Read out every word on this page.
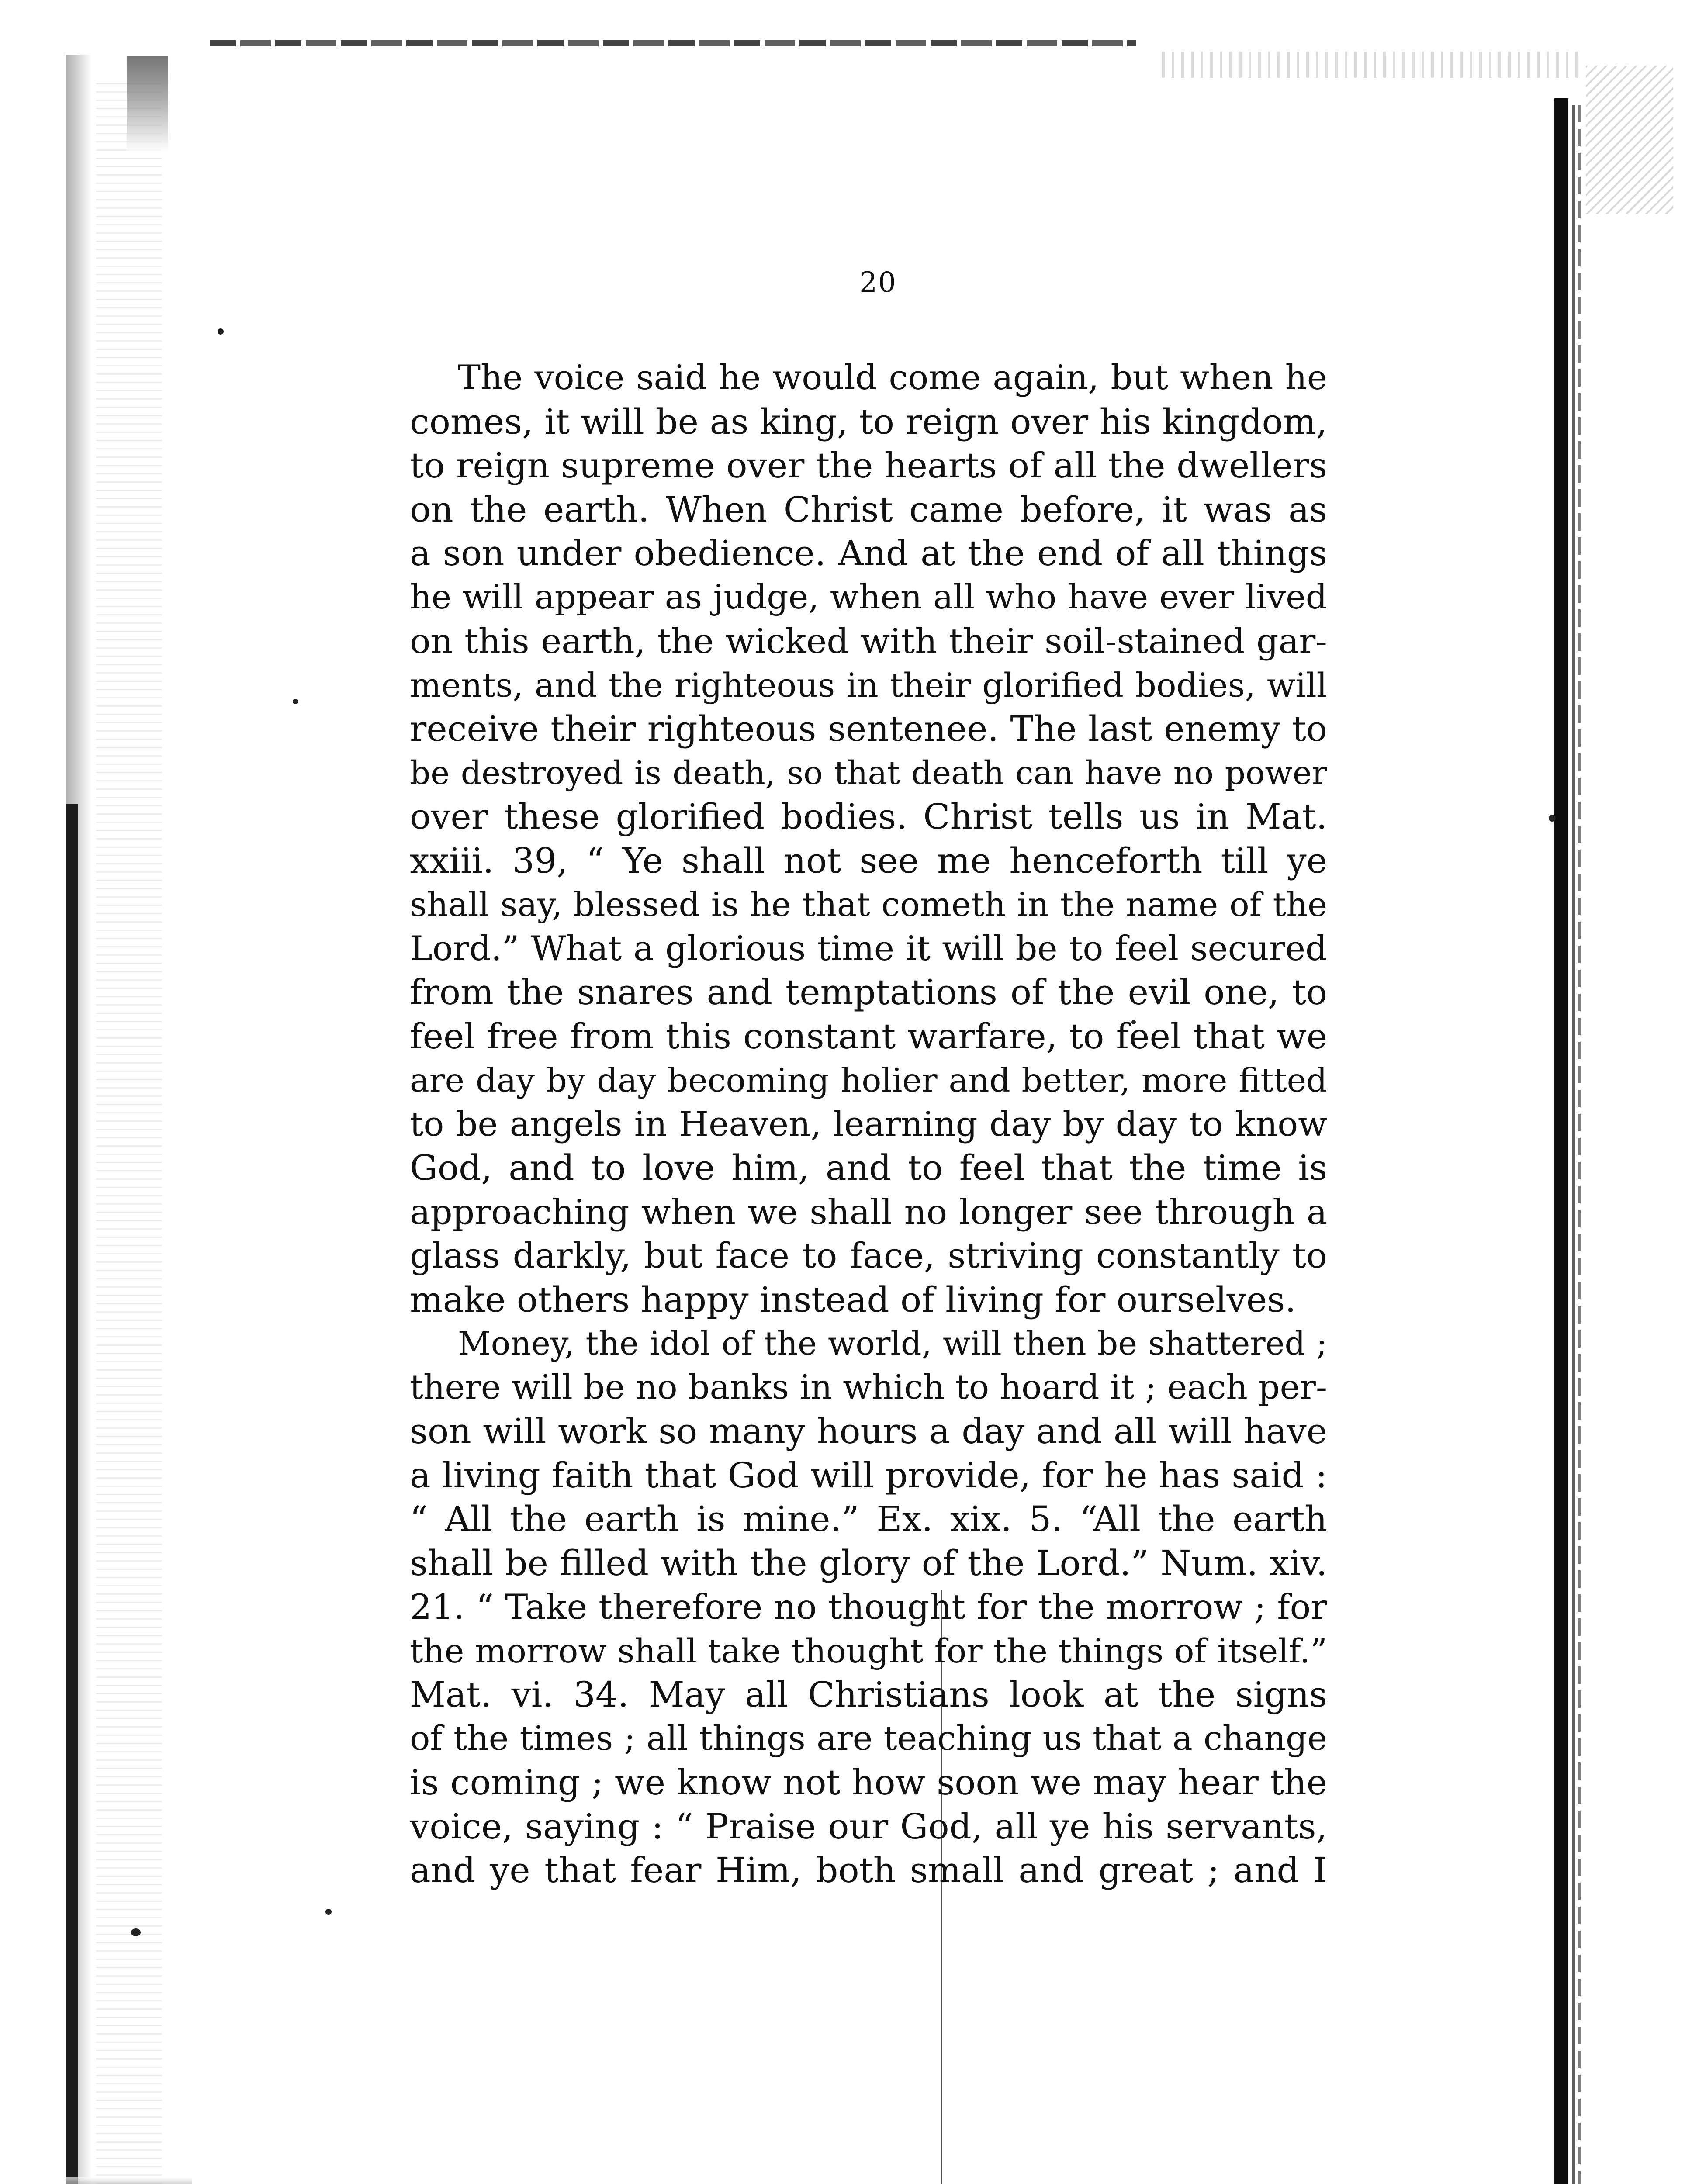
20
The voice said he would come again, but when he
comes, it will be as king, to reign over his kingdom,
to reign supreme over the hearts of all the dwellers
on the earth. When Christ came before, it was as
a son under obedience. And at the end of all things
he will appear as judge, when all who have ever lived
on this earth, the wicked with their soil-stained gar-
ments, and the righteous in their glorified bodies, will
receive their righteous sentenee. The last enemy to
be destroyed is death, so that death can have no power
over these glorified bodies. Christ tells us in Mat.
xxiii. 39, “ Ye shall not see me henceforth till ye
shall say, blessed is he that cometh in the name of the
Lord.” What a glorious time it will be to feel secured
from the snares and temptations of the evil one, to
feel free from this constant warfare, to feel that we
are day by day becoming holier and better, more fitted
to be angels in Heaven, learning day by day to know
God, and to love him, and to feel that the time is
approaching when we shall no longer see through a
glass darkly, but face to face, striving constantly to
make others happy instead of living for ourselves.
Money, the idol of the world, will then be shattered ;
there will be no banks in which to hoard it ; each per-
son will work so many hours a day and all will have
a living faith that God will provide, for he has said :
“ All the earth is mine.” Ex. xix. 5. “All the earth
shall be filled with the glory of the Lord.” Num. xiv.
21. “ Take therefore no thought for the morrow ; for
the morrow shall take thought for the things of itself.”
Mat. vi. 34. May all Christians look at the signs
of the times ; all things are teaching us that a change
is coming ; we know not how soon we may hear the
voice, saying : “ Praise our God, all ye his servants,
and ye that fear Him, both small and great ; and I
